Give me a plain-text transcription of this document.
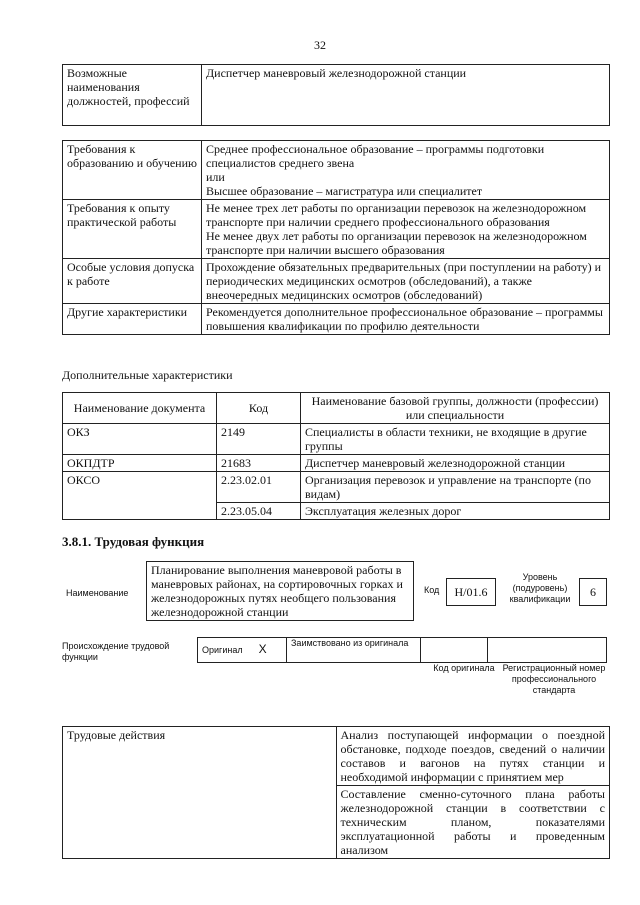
32
Возможные наименования должностей, профессий	Диспетчер маневровый железнодорожной станции
Требования к образованию и обучению	Среднее профессиональное образование – программы подготовки специалистов среднего звена
или
Высшее образование – магистратура или специалитет

Требования к опыту практической работы	Не менее трех лет работы по организации перевозок на железнодорожном транспорте при наличии среднего профессионального образования
Не менее двух лет работы по организации перевозок на железнодорожном транспорте при наличии высшего образования

Особые условия допуска к работе	Прохождение обязательных предварительных (при поступлении на работу) и периодических медицинских осмотров (обследований), а также внеочередных медицинских осмотров (обследований)

Другие характеристики	Рекомендуется дополнительное профессиональное образование – программы повышения квалификации по профилю деятельности
Дополнительные характеристики
Наименование документа	Код	Наименование базовой группы, должности (профессии) или специальности
ОКЗ	2149	Специалисты в области техники, не входящие в другие группы
ОКПДТР	21683	Диспетчер маневровый железнодорожной станции
ОКСО	2.23.02.01	Организация перевозок и управление на транспорте (по видам)
	2.23.05.04	Эксплуатация железных дорог
3.8.1. Трудовая функция
Наименование
Планирование выполнения маневровой работы в маневровых районах, на сортировочных горках и железнодорожных путях необщего пользования железнодорожной станции
Код	H/01.6
Уровень (подуровень) квалификации	6
Происхождение трудовой функции
Оригинал X	Заимствовано из оригинала		
Код оригинала Регистрационный номер профессионального стандарта
Трудовые действия	Анализ поступающей информации о поездной обстановке, подходе поездов, сведений о наличии составов и вагонов на путях станции и необходимой информации с принятием мер
Составление сменно-суточного плана работы железнодорожной станции в соответствии с техническим планом, показателями эксплуатационной работы и проведенным анализом
